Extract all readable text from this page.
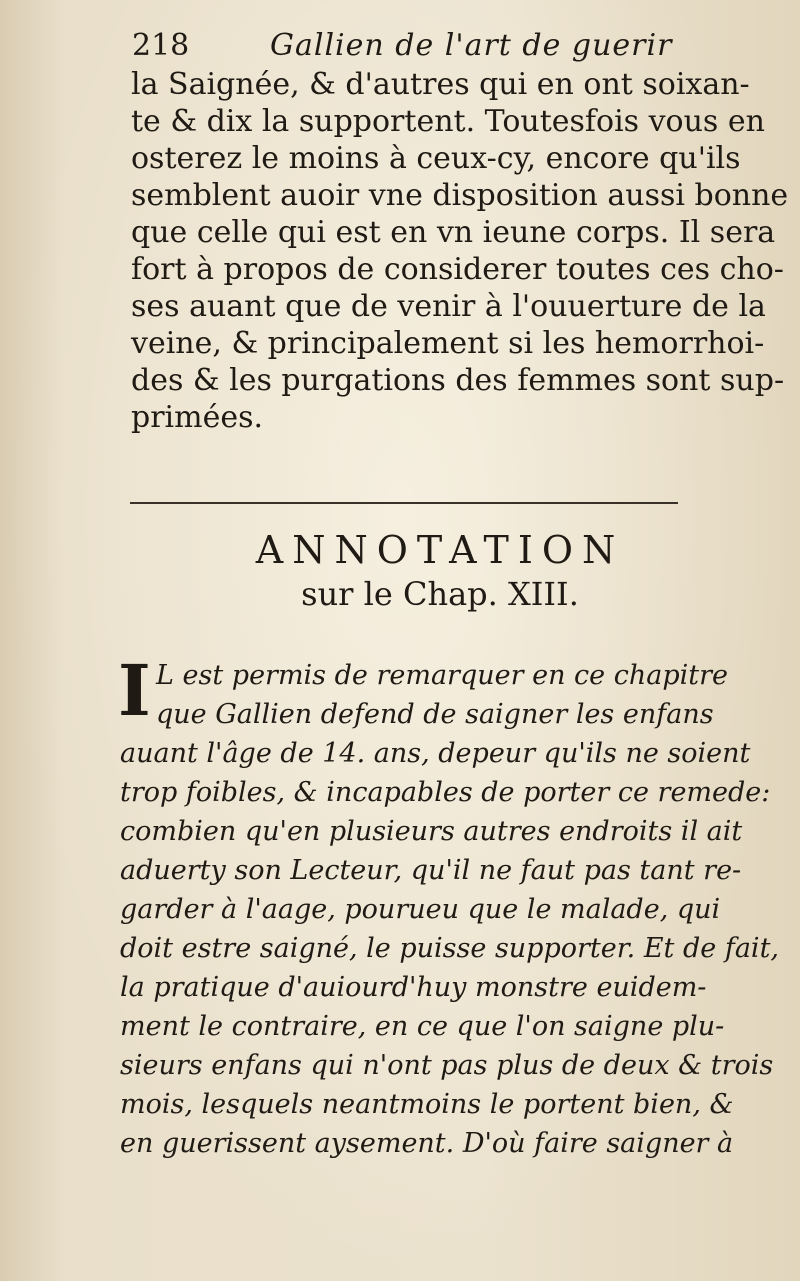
218	Gallien de l'art de guerir
la Saignée, & d'autres qui en ont soixan-
te & dix la supportent. Toutesfois vous en
osterez le moins à ceux-cy, encore qu'ils
semblent auoir vne disposition aussi bonne
que celle qui est en vn ieune corps. Il sera
fort à propos de considerer toutes ces cho-
ses auant que de venir à l'ouuerture de la
veine, & principalement si les hemorrhoi-
des & les purgations des femmes sont sup-
primées.
ANNOTATION
sur le Chap. XIII.
I L est permis de remarquer en ce chapitre
que Gallien defend de saigner les enfans
auant l'âge de 14. ans, depeur qu'ils ne soient
trop foibles, & incapables de porter ce remede:
combien qu'en plusieurs autres endroits il ait
aduerty son Lecteur, qu'il ne faut pas tant re-
garder à l'aage, pourueu que le malade, qui
doit estre saigné, le puisse supporter. Et de fait,
la pratique d'auiourd'huy monstre euidem-
ment le contraire, en ce que l'on saigne plu-
sieurs enfans qui n'ont pas plus de deux & trois
mois, lesquels neantmoins le portent bien, &
en guerissent aysement. D'où faire saigner à
